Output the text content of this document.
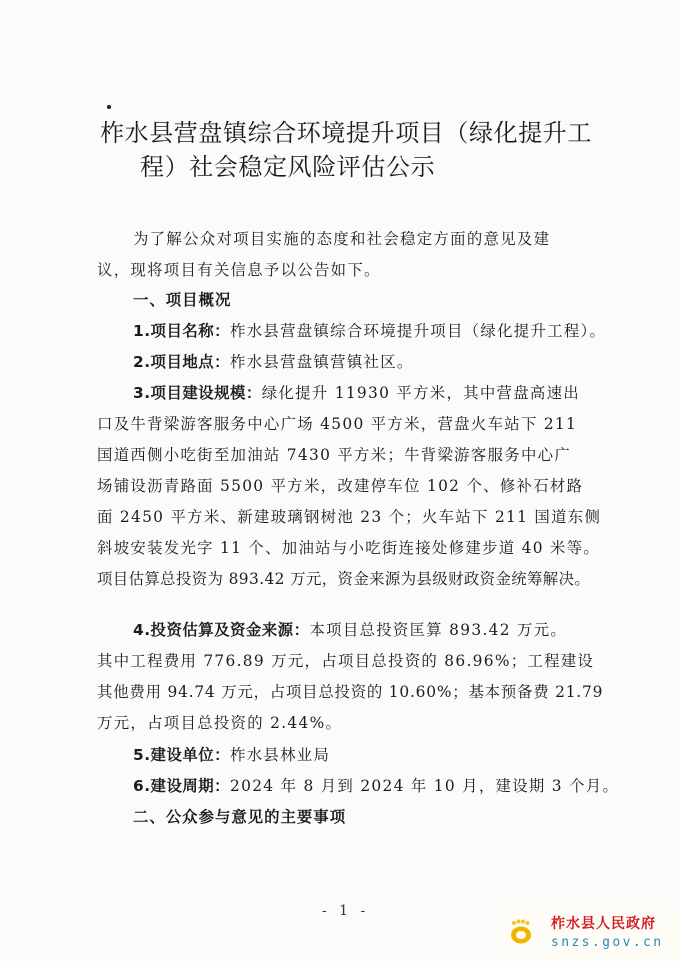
柞水县营盘镇综合环境提升项目（绿化提升工
程）社会稳定风险评估公示
为了解公众对项目实施的态度和社会稳定方面的意见及建
议，现将项目有关信息予以公告如下。
一、项目概况
1.项目名称：柞水县营盘镇综合环境提升项目（绿化提升工程）。
2.项目地点：柞水县营盘镇营镇社区。
3.项目建设规模：绿化提升 11930 平方米，其中营盘高速出
口及牛背梁游客服务中心广场 4500 平方米，营盘火车站下 211
国道西侧小吃街至加油站 7430 平方米；牛背梁游客服务中心广
场铺设沥青路面 5500 平方米，改建停车位 102 个、修补石材路
面 2450 平方米、新建玻璃钢树池 23 个；火车站下 211 国道东侧
斜坡安装发光字 11 个、加油站与小吃街连接处修建步道 40 米等。
项目估算总投资为 893.42 万元，资金来源为县级财政资金统筹解决。
4.投资估算及资金来源：本项目总投资匡算 893.42 万元。
其中工程费用 776.89 万元，占项目总投资的 86.96%；工程建设
其他费用 94.74 万元，占项目总投资的 10.60%；基本预备费 21.79
万元，占项目总投资的 2.44%。
5.建设单位：柞水县林业局
6.建设周期：2024 年 8 月到 2024 年 10 月，建设期 3 个月。
二、公众参与意见的主要事项
- 1 -
柞水县人民政府
snzs.gov.cn
